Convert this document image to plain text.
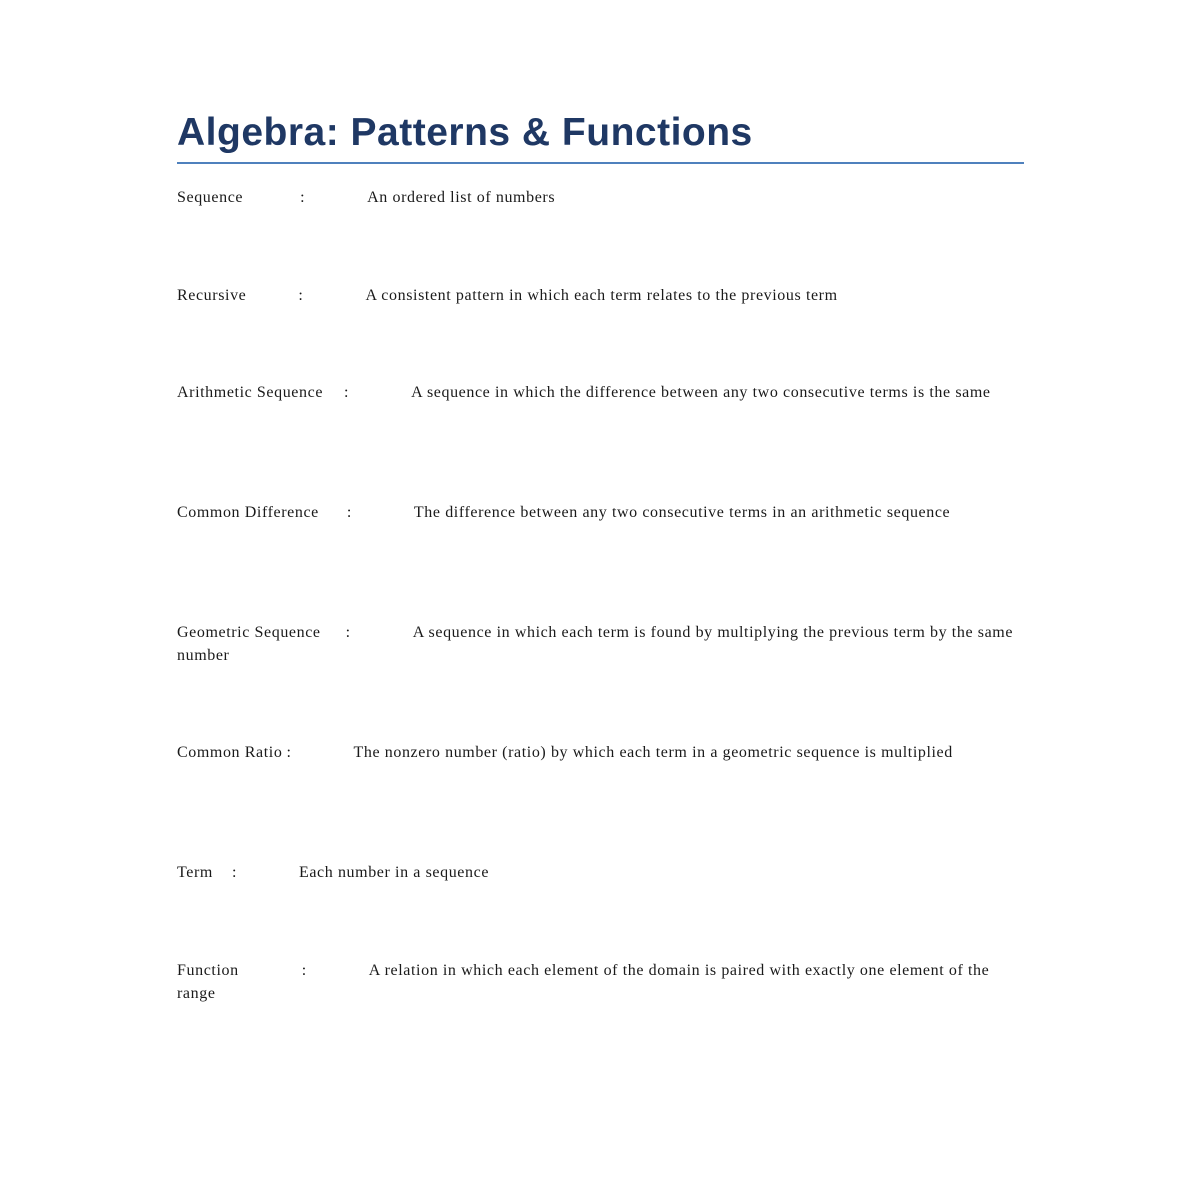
Algebra: Patterns & Functions
Sequence	:	An ordered list of numbers
Recursive	:	A consistent pattern in which each term relates to the previous term
Arithmetic Sequence :	A sequence in which the difference between any two consecutive terms is the same
Common Difference :	The difference between any two consecutive terms in an arithmetic sequence
Geometric Sequence :	A sequence in which each term is found by multiplying the previous term by the same number
Common Ratio :	The nonzero number (ratio) by which each term in a geometric sequence is multiplied
Term :	Each number in a sequence
Function	:	A relation in which each element of the domain is paired with exactly one element of the range
